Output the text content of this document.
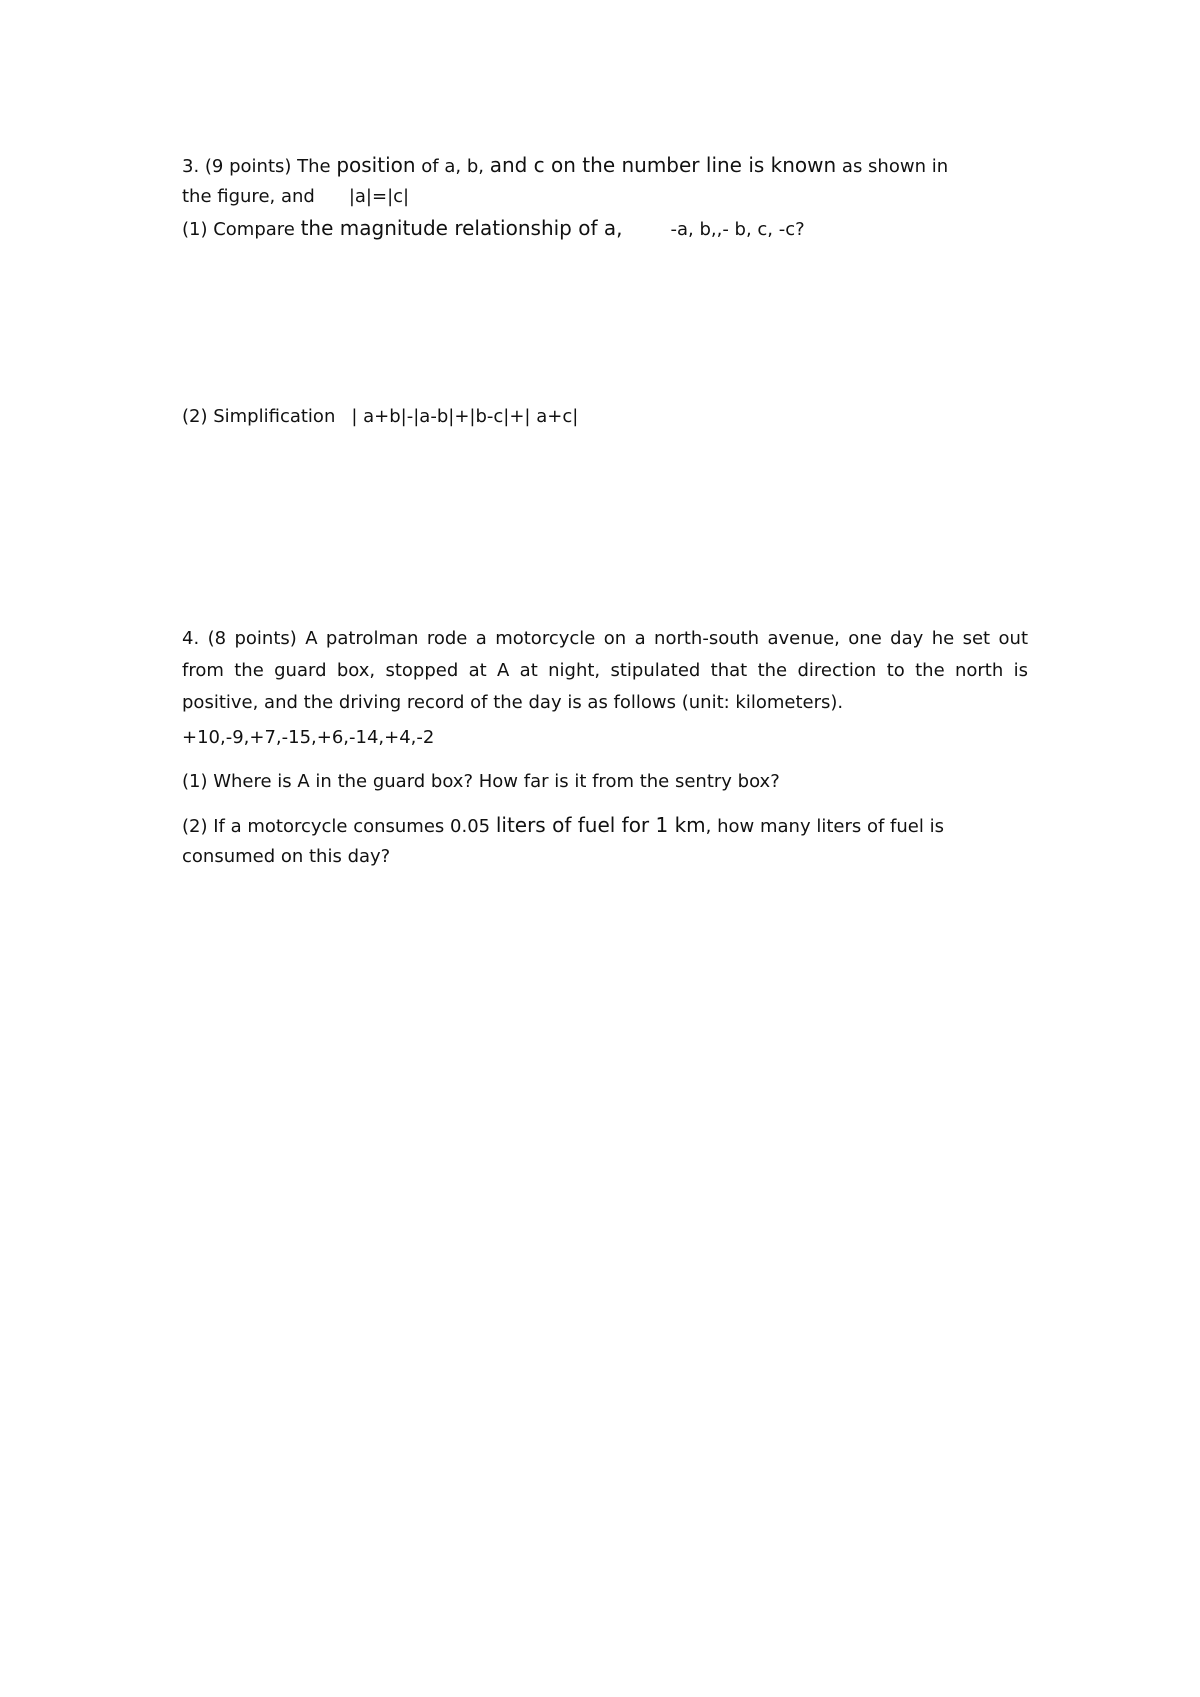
3. (9 points) The position of a, b, and c on the number line is known as shown in
the figure, and |a|=|c|
(1) Compare the magnitude relationship of a,	-a, b,,- b, c, -c?
(2) Simplification | a+b|-|a-b|+|b-c|+| a+c|
4. (8 points) A patrolman rode a motorcycle on a north-south avenue, one day he set out
from the guard box, stopped at A at night, stipulated that the direction to the north is
positive, and the driving record of the day is as follows (unit: kilometers).
+10,-9,+7,-15,+6,-14,+4,-2
(1) Where is A in the guard box? How far is it from the sentry box?
(2) If a motorcycle consumes 0.05 liters of fuel for 1 km, how many liters of fuel is
consumed on this day?
